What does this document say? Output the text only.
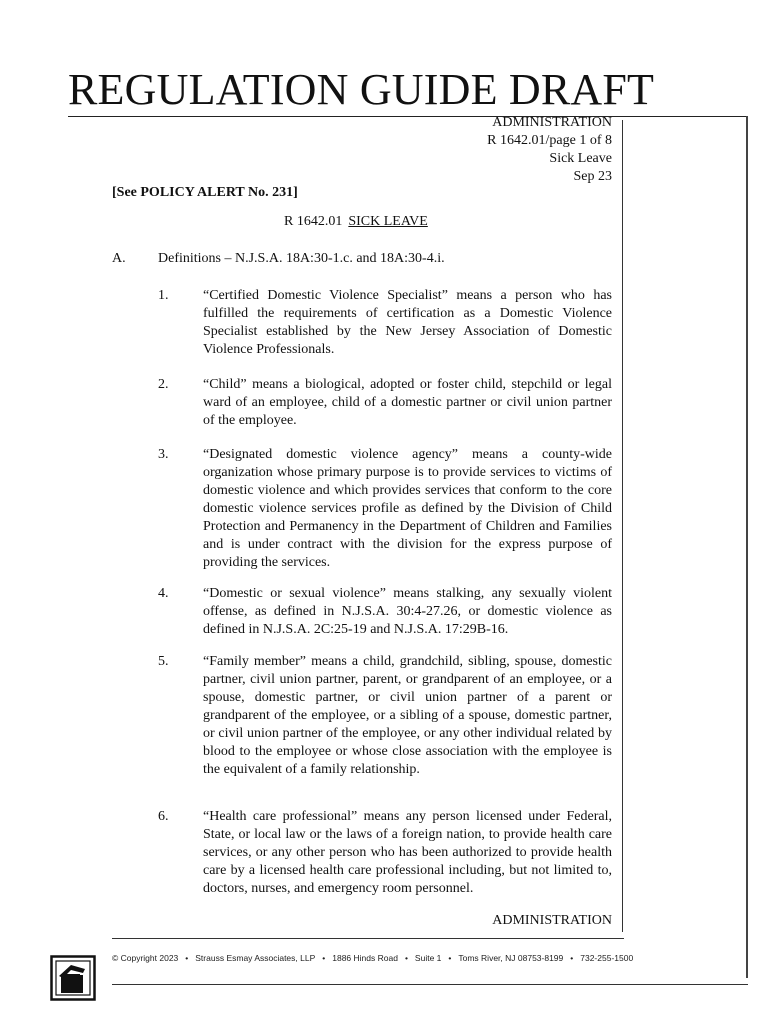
REGULATION GUIDE DRAFT
ADMINISTRATION
R 1642.01/page 1 of 8
Sick Leave
Sep 23
[See POLICY ALERT No. 231]
R 1642.01 SICK LEAVE
A. Definitions – N.J.S.A. 18A:30-1.c. and 18A:30-4.i.
1. “Certified Domestic Violence Specialist” means a person who has fulfilled the requirements of certification as a Domestic Violence Specialist established by the New Jersey Association of Domestic Violence Professionals.
2. “Child” means a biological, adopted or foster child, stepchild or legal ward of an employee, child of a domestic partner or civil union partner of the employee.
3. “Designated domestic violence agency” means a county-wide organization whose primary purpose is to provide services to victims of domestic violence and which provides services that conform to the core domestic violence services profile as defined by the Division of Child Protection and Permanency in the Department of Children and Families and is under contract with the division for the express purpose of providing the services.
4. “Domestic or sexual violence” means stalking, any sexually violent offense, as defined in N.J.S.A. 30:4-27.26, or domestic violence as defined in N.J.S.A. 2C:25-19 and N.J.S.A. 17:29B-16.
5. “Family member” means a child, grandchild, sibling, spouse, domestic partner, civil union partner, parent, or grandparent of an employee, or a spouse, domestic partner, or civil union partner of a parent or grandparent of the employee, or a sibling of a spouse, domestic partner, or civil union partner of the employee, or any other individual related by blood to the employee or whose close association with the employee is the equivalent of a family relationship.
6. “Health care professional” means any person licensed under Federal, State, or local law or the laws of a foreign nation, to provide health care services, or any other person who has been authorized to provide health care by a licensed health care professional including, but not limited to, doctors, nurses, and emergency room personnel.
ADMINISTRATION
© Copyright 2023 • Strauss Esmay Associates, LLP • 1886 Hinds Road • Suite 1 • Toms River, NJ 08753-8199 • 732-255-1500
